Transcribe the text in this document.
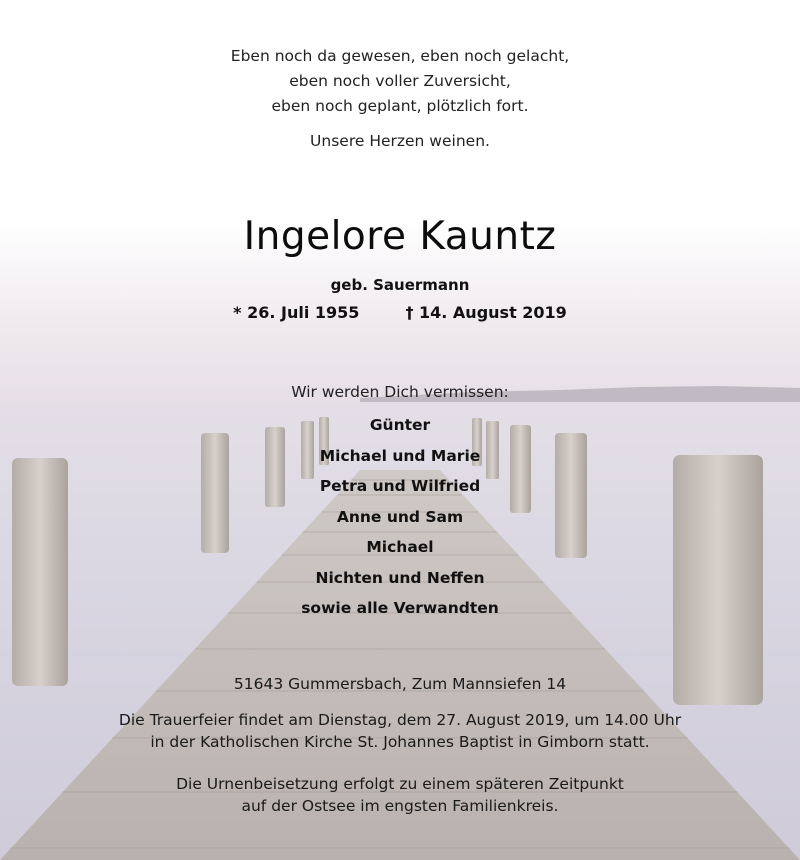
Eben noch da gewesen, eben noch gelacht,
eben noch voller Zuversicht,
eben noch geplant, plötzlich fort.
Unsere Herzen weinen.
Ingelore Kauntz
geb. Sauermann
* 26. Juli 1955	† 14. August 2019
Wir werden Dich vermissen:
Günter
Michael und Marie
Petra und Wilfried
Anne und Sam
Michael
Nichten und Neffen
sowie alle Verwandten
51643 Gummersbach, Zum Mannsiefen 14
Die Trauerfeier findet am Dienstag, dem 27. August 2019, um 14.00 Uhr
in der Katholischen Kirche St. Johannes Baptist in Gimborn statt.
Die Urnenbeisetzung erfolgt zu einem späteren Zeitpunkt
auf der Ostsee im engsten Familienkreis.
